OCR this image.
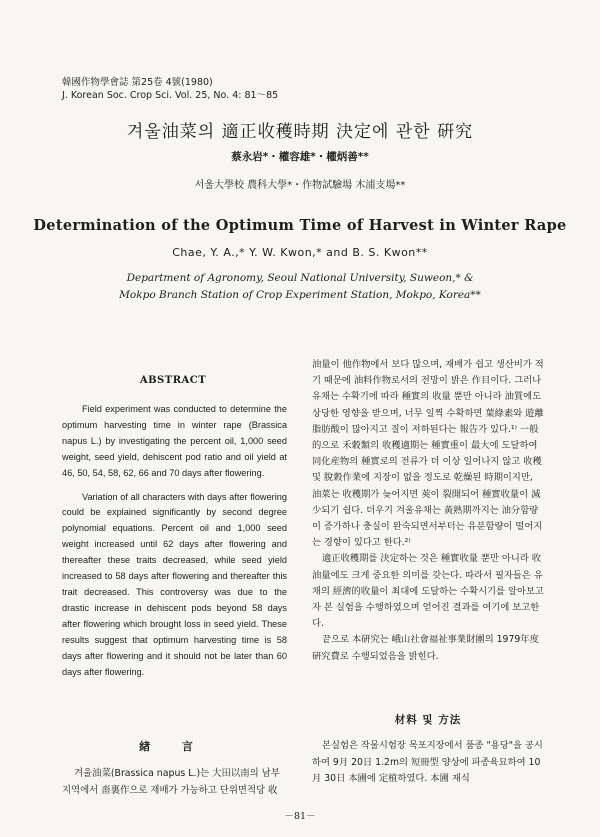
韓國作物學會誌 第25卷 4號(1980)
J. Korean Soc. Crop Sci. Vol. 25, No. 4: 81～85
겨울油菜의 適正收穫時期 決定에 관한 硏究
蔡永岩*・權容雄*・權炳善**
서울大學校 農科大學*・作物試驗場 木浦支場**
Determination of the Optimum Time of Harvest in Winter Rape
Chae, Y. A.,* Y. W. Kwon,* and B. S. Kwon**
Department of Agronomy, Seoul National University, Suweon,* &
Mokpo Branch Station of Crop Experiment Station, Mokpo, Korea**
ABSTRACT

Field experiment was conducted to determine the optimum harvesting time in winter rape (Brassica napus L.) by investigating the percent oil, 1,000 seed weight, seed yield, dehiscent pod ratio and oil yield at 46, 50, 54, 58, 62, 66 and 70 days after flowering.

Variation of all characters with days after flowering could be explained significantly by second degree polynomial equations. Percent oil and 1,000 seed weight increased until 62 days after flowering and thereafter these traits decreased, while seed yield increased to 58 days after flowering and thereafter this trait decreased. This controversy was due to the drastic increase in dehiscent pods beyond 58 days after flowering which brought loss in seed yield. These results suggest that optimum harvesting time is 58 days after flowering and it should not be later than 60 days after flowering.

緖 言

겨울油菜(Brassica napus L.)는 大田以南의 남부지역에서 畓裏作으로 재배가 가능하고 단위면적당 收

油量이 他作物에서 보다 많으며, 재배가 쉽고 생산비가 적기 때문에 油料作物로서의 전망이 밝은 作目이다. 그러나 유채는 수확기에 따라 種實의 收量 뿐만 아니라 油質에도 상당한 영향을 받으며, 너무 일찍 수확하면 葉綠素와 遊離脂肪酸이 많아지고 질이 저하된다는 報告가 있다.¹⁾ 一般的으로 禾穀類의 收穫適期는 種實重이 最大에 도달하여 同化産物의 種實로의 전류가 더 이상 일어나지 않고 收穫 및 脫穀作業에 지장이 없을 정도로 乾燥된 時期이지만, 油菜는 收穫期가 늦어지면 莢이 裂開되어 種實收量이 減少되기 쉽다. 더우기 겨울유채는 黃熟期까지는 油分함량이 증가하나 충실이 완숙되면서부터는 유분함량이 떨어지는 경향이 있다고 한다.²⁾

適正收穫期를 決定하는 것은 種實收量 뿐만 아니라 收油量에도 크게 중요한 의미를 갖는다. 따라서 필자들은 유채의 經濟的收量이 최대에 도달하는 수확시기를 알아보고자 본 실험을 수행하였으며 얻어진 결과를 여기에 보고한다.

끝으로 本硏究는 峨山社會福祉事業財團의 1979年度 硏究費로 수행되었음을 밝힌다.

材料 및 方法

본실험은 작물시험장 목포지장에서 품종 "용당"을 공시하여 9月 20日 1.2m의 短冊型 양상에 파종육묘하여 10月 30日 本圃에 定植하였다. 本圃 재식

－81－
